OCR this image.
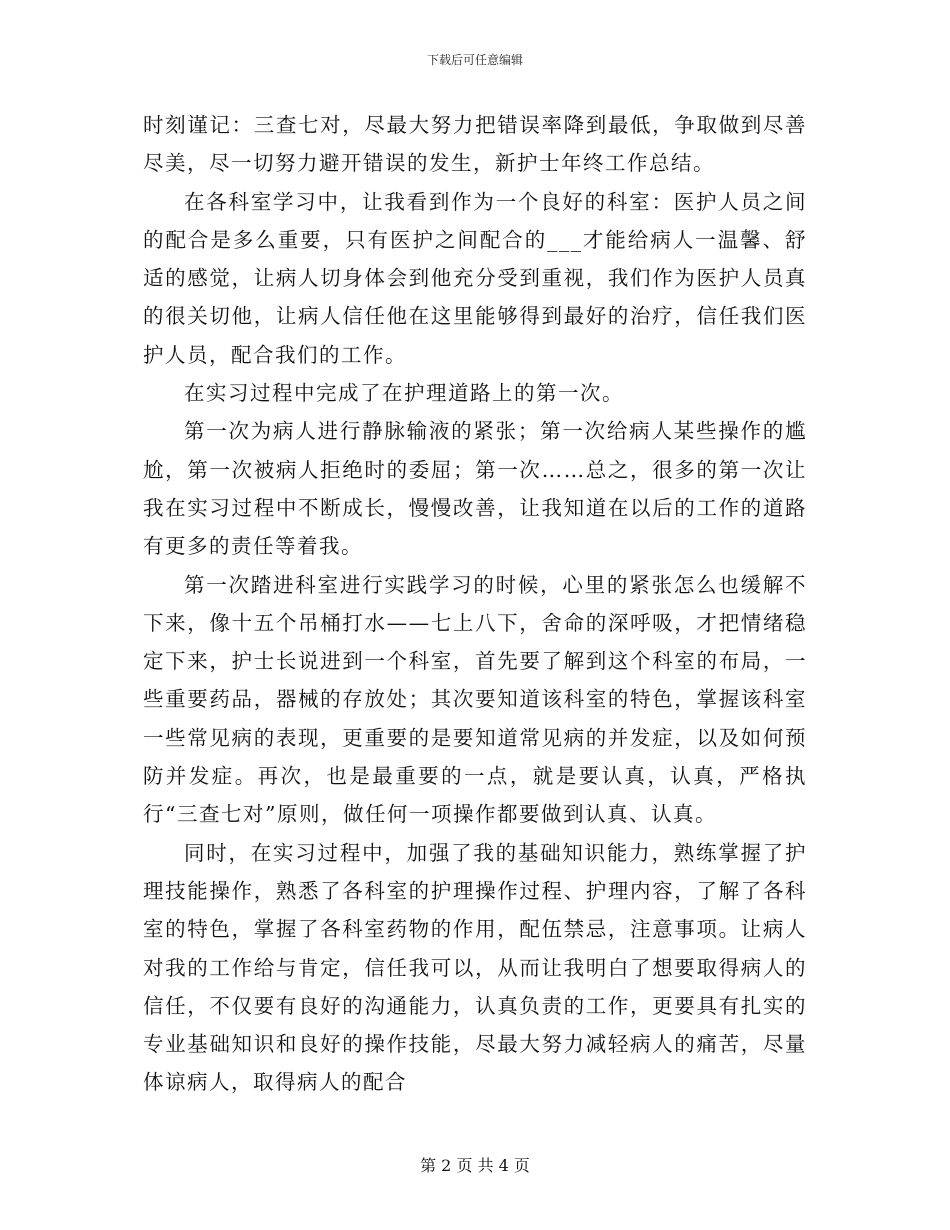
下载后可任意编辑

时刻谨记：三查七对，尽最大努力把错误率降到最低，争取做到尽善尽美，尽一切努力避开错误的发生，新护士年终工作总结。

在各科室学习中，让我看到作为一个良好的科室：医护人员之间的配合是多么重要，只有医护之间配合的___才能给病人一温馨、舒适的感觉，让病人切身体会到他充分受到重视，我们作为医护人员真的很关切他，让病人信任他在这里能够得到最好的治疗，信任我们医护人员，配合我们的工作。

在实习过程中完成了在护理道路上的第一次。

第一次为病人进行静脉输液的紧张；第一次给病人某些操作的尴尬，第一次被病人拒绝时的委屈；第一次……总之，很多的第一次让我在实习过程中不断成长，慢慢改善，让我知道在以后的工作的道路有更多的责任等着我。

第一次踏进科室进行实践学习的时候，心里的紧张怎么也缓解不下来，像十五个吊桶打水——七上八下，舍命的深呼吸，才把情绪稳定下来，护士长说进到一个科室，首先要了解到这个科室的布局，一些重要药品，器械的存放处；其次要知道该科室的特色，掌握该科室一些常见病的表现，更重要的是要知道常见病的并发症，以及如何预防并发症。再次，也是最重要的一点，就是要认真，认真，严格执行“三查七对”原则，做任何一项操作都要做到认真、认真。

同时，在实习过程中，加强了我的基础知识能力，熟练掌握了护理技能操作，熟悉了各科室的护理操作过程、护理内容，了解了各科室的特色，掌握了各科室药物的作用，配伍禁忌，注意事项。让病人对我的工作给与肯定，信任我可以，从而让我明白了想要取得病人的信任，不仅要有良好的沟通能力，认真负责的工作，更要具有扎实的专业基础知识和良好的操作技能，尽最大努力减轻病人的痛苦，尽量体谅病人，取得病人的配合

第 2 页 共 4 页
